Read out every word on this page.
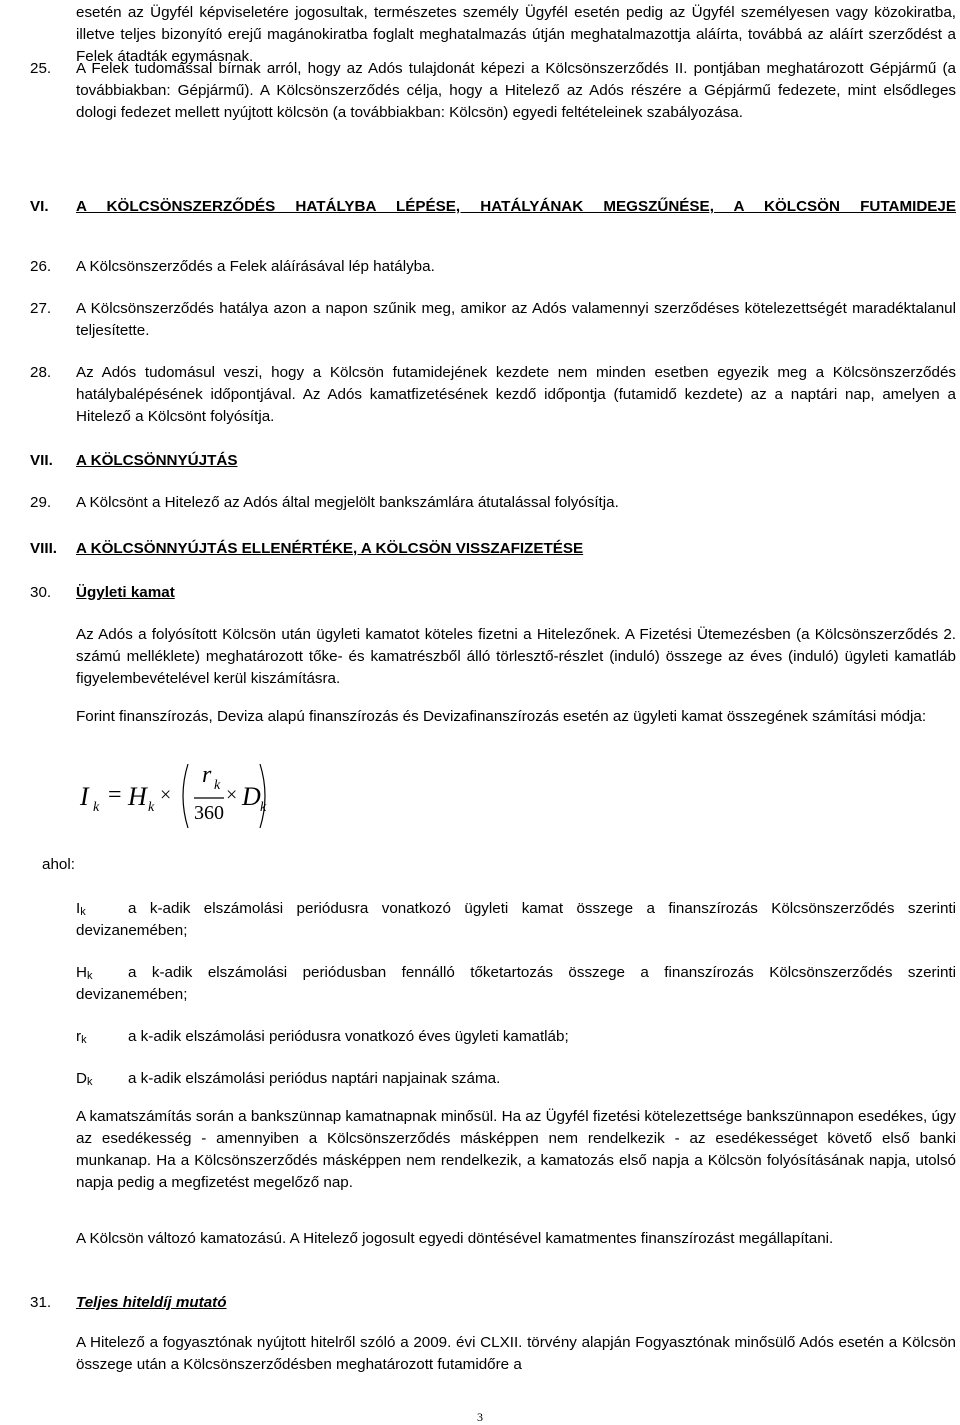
esetén az Ügyfél képviseletére jogosultak, természetes személy Ügyfél esetén pedig az Ügyfél személyesen vagy közokiratba, illetve teljes bizonyító erejű magánokiratba foglalt meghatalmazás útján meghatalmazottja aláírta, továbbá az aláírt szerződést a Felek átadták egymásnak.
25. A Felek tudomással bírnak arról, hogy az Adós tulajdonát képezi a Kölcsönszerződés II. pontjában meghatározott Gépjármű (a továbbiakban: Gépjármű). A Kölcsönszerződés célja, hogy a Hitelező az Adós részére a Gépjármű fedezete, mint elsődleges dologi fedezet mellett nyújtott kölcsön (a továbbiakban: Kölcsön) egyedi feltételeinek szabályozása.
VI. A KÖLCSÖNSZERZŐDÉS HATÁLYBA LÉPÉSE, HATÁLYÁNAK MEGSZŰNÉSE, A KÖLCSÖN FUTAMIDEJE
26. A Kölcsönszerződés a Felek aláírásával lép hatályba.
27. A Kölcsönszerződés hatálya azon a napon szűnik meg, amikor az Adós valamennyi szerződéses kötelezettségét maradéktalanul teljesítette.
28. Az Adós tudomásul veszi, hogy a Kölcsön futamidejének kezdete nem minden esetben egyezik meg a Kölcsönszerződés hatálybalépésének időpontjával. Az Adós kamatfizetésének kezdő időpontja (futamidő kezdete) az a naptári nap, amelyen a Hitelező a Kölcsönt folyósítja.
VII. A KÖLCSÖNNYÚJTÁS
29. A Kölcsönt a Hitelező az Adós által megjelölt bankszámlára átutalással folyósítja.
VIII. A KÖLCSÖNNYÚJTÁS ELLENÉRTÉKE, A KÖLCSÖN VISSZAFIZETÉSE
30. Ügyleti kamat
Az Adós a folyósított Kölcsön után ügyleti kamatot köteles fizetni a Hitelezőnek. A Fizetési Ütemezésben (a Kölcsönszerződés 2. számú melléklete) meghatározott tőke- és kamatrészből álló törlesztő-részlet (induló) összege az éves (induló) ügyleti kamatláb figyelembevételével kerül kiszámításra.
Forint finanszírozás, Deviza alapú finanszírozás és Devizafinanszírozás esetén az ügyleti kamat összegének számítási módja:
I k = H k
×
r k
360
× D k
ahol:
$I_k$	a k-adik elszámolási periódusra vonatkozó ügyleti kamat összege a finanszírozás Kölcsönszerződés szerinti devizanemében;
$H_k$	a k-adik elszámolási periódusban fennálló tőketartozás összege a finanszírozás Kölcsönszerződés szerinti devizanemében;
$r_k$	a k-adik elszámolási periódusra vonatkozó éves ügyleti kamatláb;
$D_k$	a k-adik elszámolási periódus naptári napjainak száma.
A kamatszámítás során a bankszünnap kamatnapnak minősül. Ha az Ügyfél fizetési kötelezettsége bankszünnapon esedékes, úgy az esedékesség - amennyiben a Kölcsönszerződés másképpen nem rendelkezik - az esedékességet követő első banki munkanap. Ha a Kölcsönszerződés másképpen nem rendelkezik, a kamatozás első napja a Kölcsön folyósításának napja, utolsó napja pedig a megfizetést megelőző nap.
A Kölcsön változó kamatozású. A Hitelező jogosult egyedi döntésével kamatmentes finanszírozást megállapítani.
31. Teljes hiteldíj mutató
A Hitelező a fogyasztónak nyújtott hitelről szóló a 2009. évi CLXII. törvény alapján Fogyasztónak minősülő Adós esetén a Kölcsön összege után a Kölcsönszerződésben meghatározott futamidőre a
3
